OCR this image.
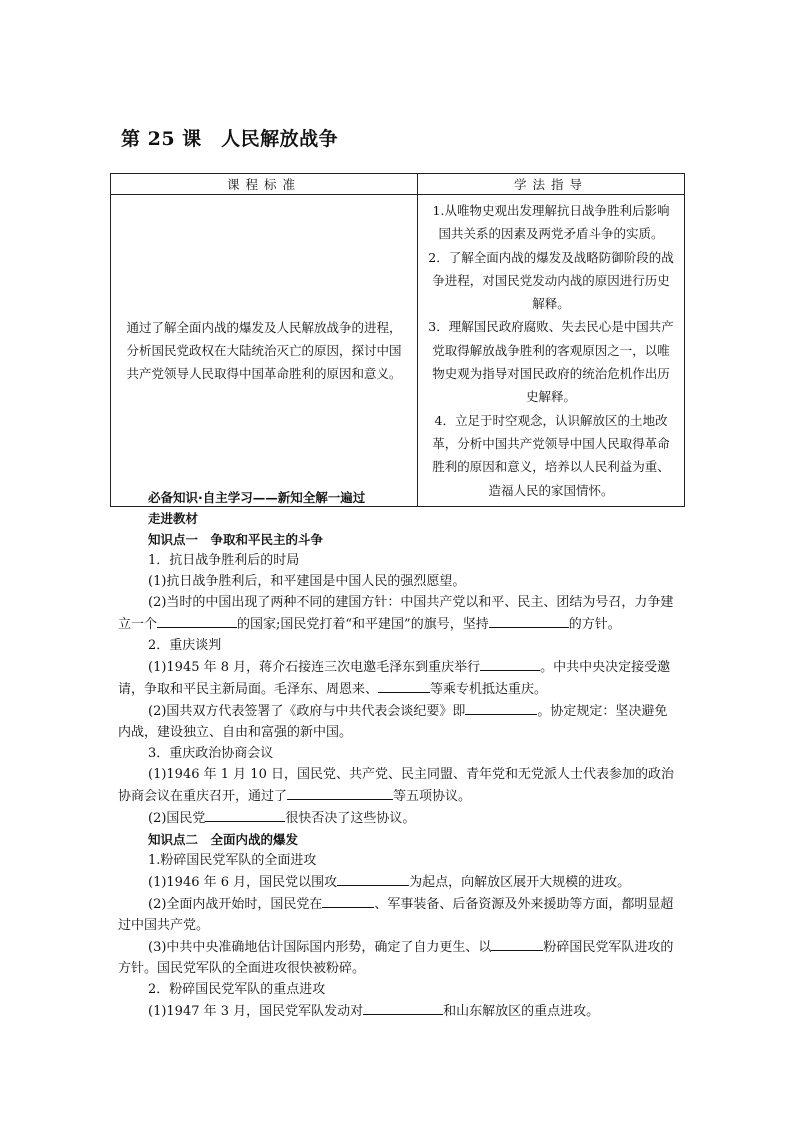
第 25 课　人民解放战争
课程标准	学法指导
通过了解全面内战的爆发及人民解放战争的进程，分析国民党政权在大陆统治灭亡的原因，探讨中国共产党领导人民取得中国革命胜利的原因和意义。	1.从唯物史观出发理解抗日战争胜利后影响国共关系的因素及两党矛盾斗争的实质。
2．了解全面内战的爆发及战略防御阶段的战争进程，对国民党发动内战的原因进行历史解释。
3．理解国民政府腐败、失去民心是中国共产党取得解放战争胜利的客观原因之一，以唯物史观为指导对国民政府的统治危机作出历史解释。
4．立足于时空观念，认识解放区的土地改革，分析中国共产党领导中国人民取得革命胜利的原因和意义，培养以人民利益为重、造福人民的家国情怀。

必备知识·自主学习——新知全解一遍过

走进教材

知识点一　争取和平民主的斗争

1．抗日战争胜利后的时局

(1)抗日战争胜利后，和平建国是中国人民的强烈愿望。

(2)当时的中国出现了两种不同的建国方针：中国共产党以和平、民主、团结为号召，力争建立一个	的国家;国民党打着“和平建国”的旗号，坚持	的方针。

2．重庆谈判

(1)1945 年 8 月，蒋介石接连三次电邀毛泽东到重庆举行	。中共中央决定接受邀请，争取和平民主新局面。毛泽东、周恩来、	等乘专机抵达重庆。

(2)国共双方代表签署了《政府与中共代表会谈纪要》即	。协定规定：坚决避免内战，建设独立、自由和富强的新中国。

3．重庆政治协商会议

(1)1946 年 1 月 10 日，国民党、共产党、民主同盟、青年党和无党派人士代表参加的政治协商会议在重庆召开，通过了	等五项协议。

(2)国民党	很快否决了这些协议。

知识点二　全面内战的爆发

1.粉碎国民党军队的全面进攻

(1)1946 年 6 月，国民党以围攻	为起点，向解放区展开大规模的进攻。

(2)全面内战开始时，国民党在	、军事装备、后备资源及外来援助等方面，都明显超过中国共产党。

(3)中共中央准确地估计国际国内形势，确定了自力更生、以	粉碎国民党军队进攻的方针。国民党军队的全面进攻很快被粉碎。

2．粉碎国民党军队的重点进攻

(1)1947 年 3 月，国民党军队发动对	和山东解放区的重点进攻。
